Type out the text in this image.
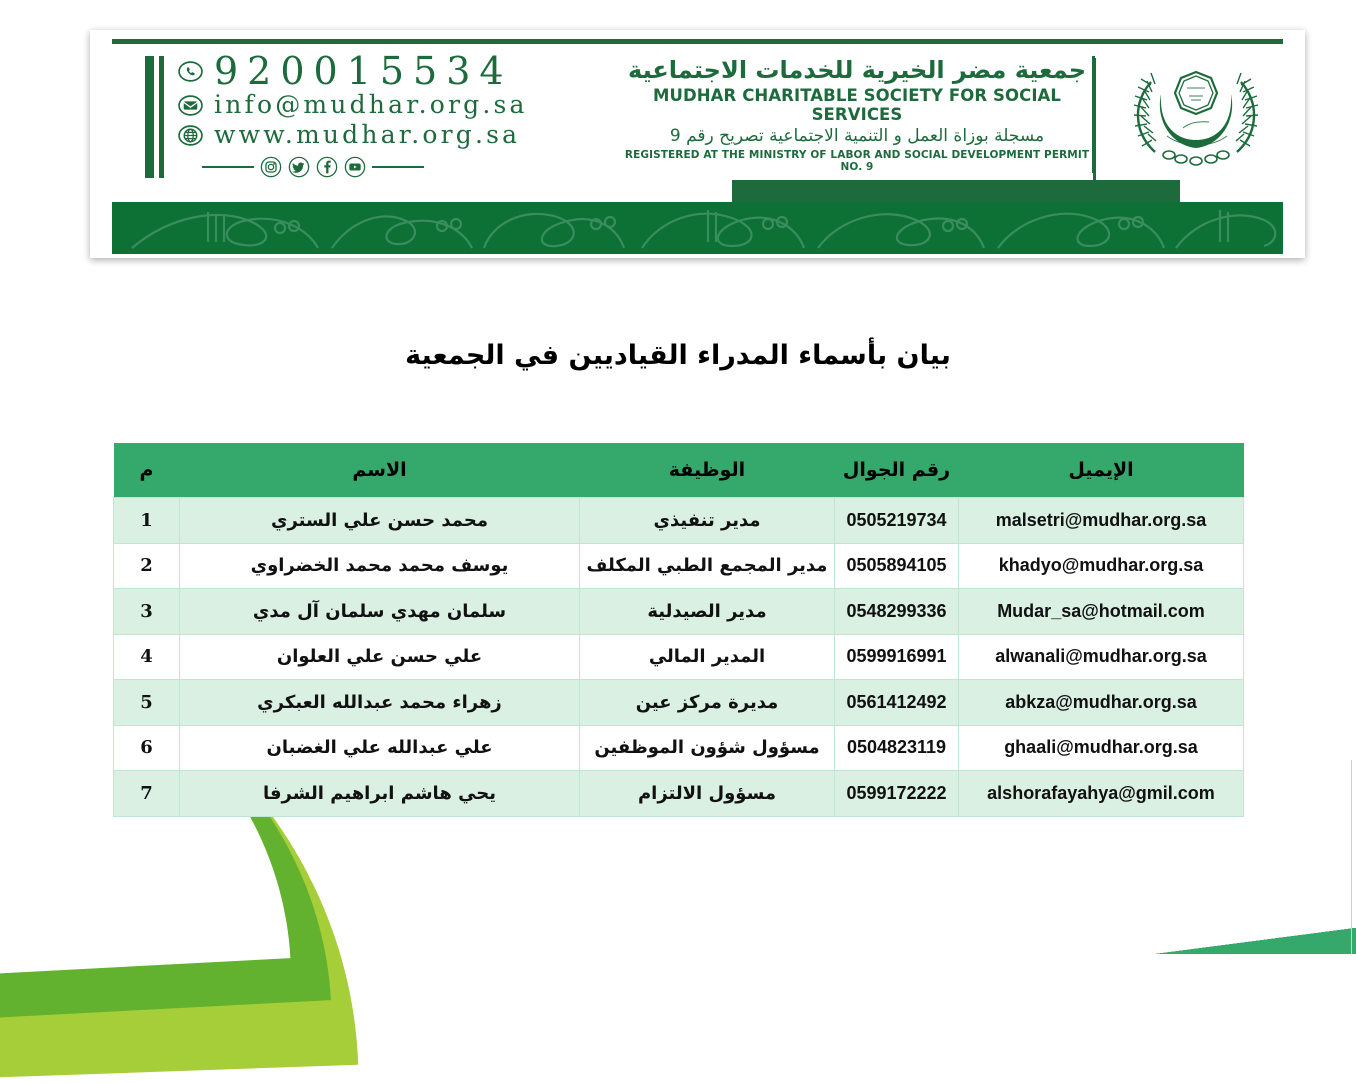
920015534
info@mudhar.org.sa
www.mudhar.org.sa
جمعية مضر الخيرية للخدمات الاجتماعية
MUDHAR CHARITABLE SOCIETY FOR SOCIAL SERVICES
مسجلة بوزاة العمل و التنمية الاجتماعية تصريح رقم 9
REGISTERED AT THE MINISTRY OF LABOR AND SOCIAL DEVELOPMENT PERMIT NO. 9
بيان بأسماء المدراء القياديين في الجمعية
الإيميل	رقم الجوال	الوظيفة	الاسم	م
malsetri@mudhar.org.sa	0505219734	مدير تنفيذي	محمد حسن علي الستري	1
khadyo@mudhar.org.sa	0505894105	مدير المجمع الطبي المكلف	يوسف محمد محمد الخضراوي	2
Mudar_sa@hotmail.com	0548299336	مدير الصيدلية	سلمان مهدي سلمان آل مدي	3
alwanali@mudhar.org.sa	0599916991	المدير المالي	علي حسن علي العلوان	4
abkza@mudhar.org.sa	0561412492	مديرة مركز عين	زهراء محمد عبدالله العبكري	5
ghaali@mudhar.org.sa	0504823119	مسؤول شؤون الموظفين	علي عبدالله علي الغضبان	6
alshorafayahya@gmil.com	0599172222	مسؤول الالتزام	يحي هاشم ابراهيم الشرفا	7
